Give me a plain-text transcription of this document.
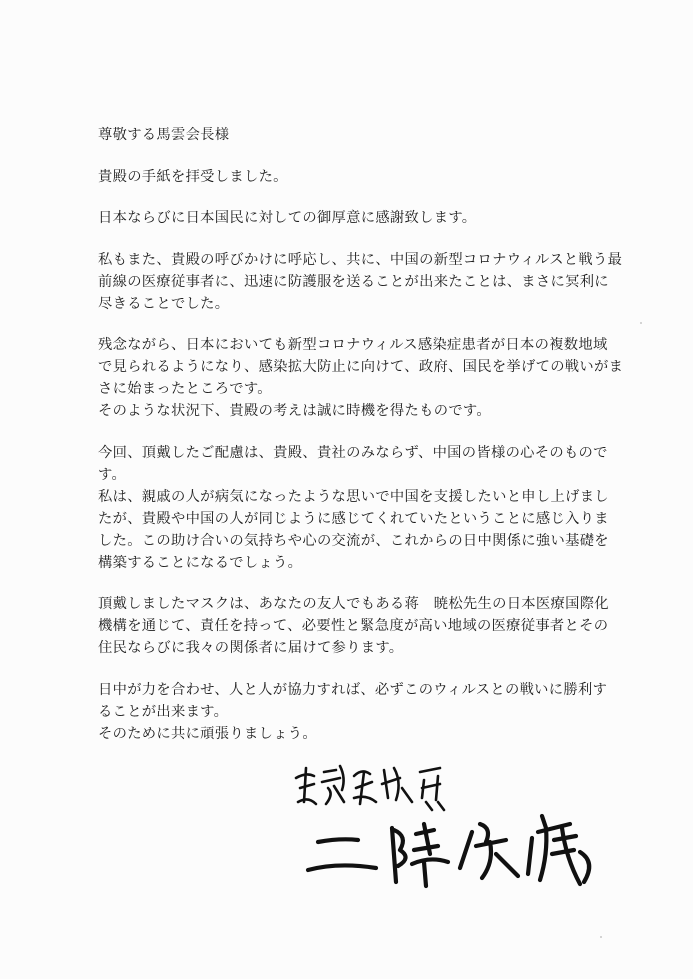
尊敬する馬雲会長様

貴殿の手紙を拝受しました。

日本ならびに日本国民に対しての御厚意に感謝致します。

私もまた、貴殿の呼びかけに呼応し、共に、中国の新型コロナウィルスと戦う最
前線の医療従事者に、迅速に防護服を送ることが出来たことは、まさに冥利に
尽きることでした。

残念ながら、日本においても新型コロナウィルス感染症患者が日本の複数地域
で見られるようになり、感染拡大防止に向けて、政府、国民を挙げての戦いがま
さに始まったところです。
そのような状況下、貴殿の考えは誠に時機を得たものです。

今回、頂戴したご配慮は、貴殿、貴社のみならず、中国の皆様の心そのもので
す。
私は、親戚の人が病気になったような思いで中国を支援したいと申し上げまし
たが、貴殿や中国の人が同じように感じてくれていたということに感じ入りま
した。この助け合いの気持ちや心の交流が、これからの日中関係に強い基礎を
構築することになるでしょう。

頂戴しましたマスクは、あなたの友人でもある蒋　暁松先生の日本医療国際化
機構を通じて、責任を持って、必要性と緊急度が高い地域の医療従事者とその
住民ならびに我々の関係者に届けて参ります。

日中が力を合わせ、人と人が協力すれば、必ずこのウィルスとの戦いに勝利す
ることが出来ます。
そのために共に頑張りましょう。
